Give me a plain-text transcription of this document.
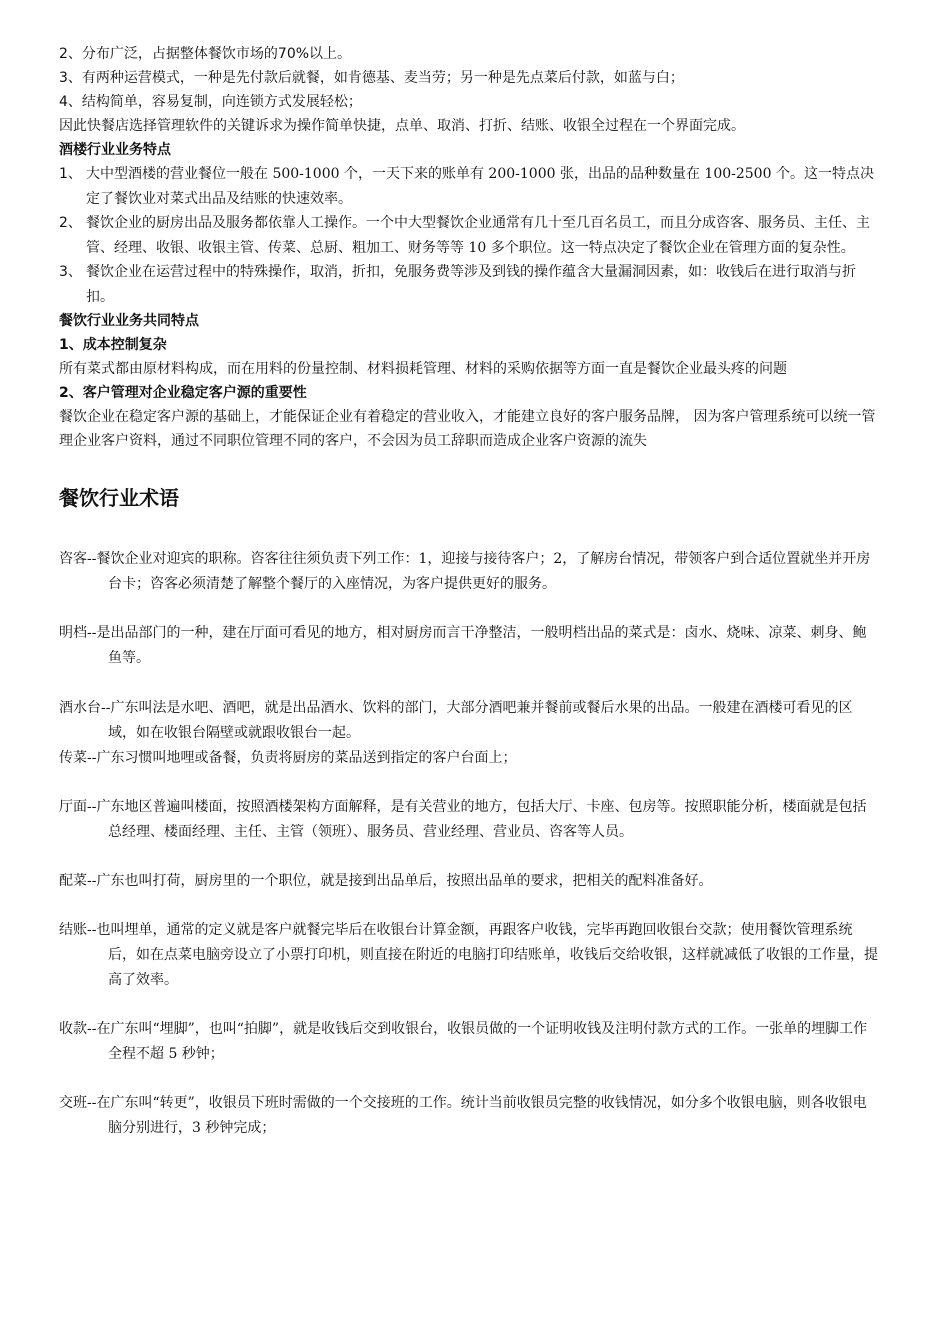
2、分布广泛，占据整体餐饮市场的70%以上。

3、有两种运营模式，一种是先付款后就餐，如肯德基、麦当劳；另一种是先点菜后付款，如蓝与白；

4、结构简单，容易复制，向连锁方式发展轻松；

因此快餐店选择管理软件的关键诉求为操作简单快捷，点单、取消、打折、结账、收银全过程在一个界面完成。

酒楼行业业务特点

1、 大中型酒楼的营业餐位一般在 500-1000 个，一天下来的账单有 200-1000 张，出品的品种数量在 100-2500 个。这一特点决定了餐饮业对菜式出品及结账的快速效率。
2、 餐饮企业的厨房出品及服务都依靠人工操作。一个中大型餐饮企业通常有几十至几百名员工，而且分成咨客、服务员、主任、主管、经理、收银、收银主管、传菜、总厨、粗加工、财务等等 10 多个职位。这一特点决定了餐饮企业在管理方面的复杂性。
3、 餐饮企业在运营过程中的特殊操作，取消，折扣，免服务费等涉及到钱的操作蕴含大量漏洞因素，如：收钱后在进行取消与折扣。

餐饮行业业务共同特点

1、成本控制复杂

所有菜式都由原材料构成，而在用料的份量控制、材料损耗管理、材料的采购依据等方面一直是餐饮企业最头疼的问题

2、客户管理对企业稳定客户源的重要性

餐饮企业在稳定客户源的基础上，才能保证企业有着稳定的营业收入，才能建立良好的客户服务品牌， 因为客户管理系统可以统一管理企业客户资料，通过不同职位管理不同的客户，不会因为员工辞职而造成企业客户资源的流失

餐饮行业术语

咨客--餐饮企业对迎宾的职称。咨客往往须负责下列工作：1，迎接与接待客户；2，了解房台情况，带领客户到合适位置就坐并开房台卡；咨客必须清楚了解整个餐厅的入座情况，为客户提供更好的服务。

明档--是出品部门的一种，建在厅面可看见的地方，相对厨房而言干净整洁，一般明档出品的菜式是：卤水、烧味、凉菜、刺身、鲍鱼等。

酒水台--广东叫法是水吧、酒吧，就是出品酒水、饮料的部门，大部分酒吧兼并餐前或餐后水果的出品。一般建在酒楼可看见的区域，如在收银台隔壁或就跟收银台一起。

传菜--广东习惯叫地哩或备餐，负责将厨房的菜品送到指定的客户台面上；

厅面--广东地区普遍叫楼面，按照酒楼架构方面解释，是有关营业的地方，包括大厅、卡座、包房等。按照职能分析，楼面就是包括总经理、楼面经理、主任、主管（领班）、服务员、营业经理、营业员、咨客等人员。

配菜--广东也叫打荷，厨房里的一个职位，就是接到出品单后，按照出品单的要求，把相关的配料准备好。

结账--也叫埋单，通常的定义就是客户就餐完毕后在收银台计算金额，再跟客户收钱，完毕再跑回收银台交款；使用餐饮管理系统后，如在点菜电脑旁设立了小票打印机，则直接在附近的电脑打印结账单，收钱后交给收银，这样就减低了收银的工作量，提高了效率。

收款--在广东叫“埋脚”，也叫“拍脚”，就是收钱后交到收银台，收银员做的一个证明收钱及注明付款方式的工作。一张单的埋脚工作全程不超 5 秒钟；

交班--在广东叫“转更”，收银员下班时需做的一个交接班的工作。统计当前收银员完整的收钱情况，如分多个收银电脑，则各收银电脑分别进行，3 秒钟完成；
